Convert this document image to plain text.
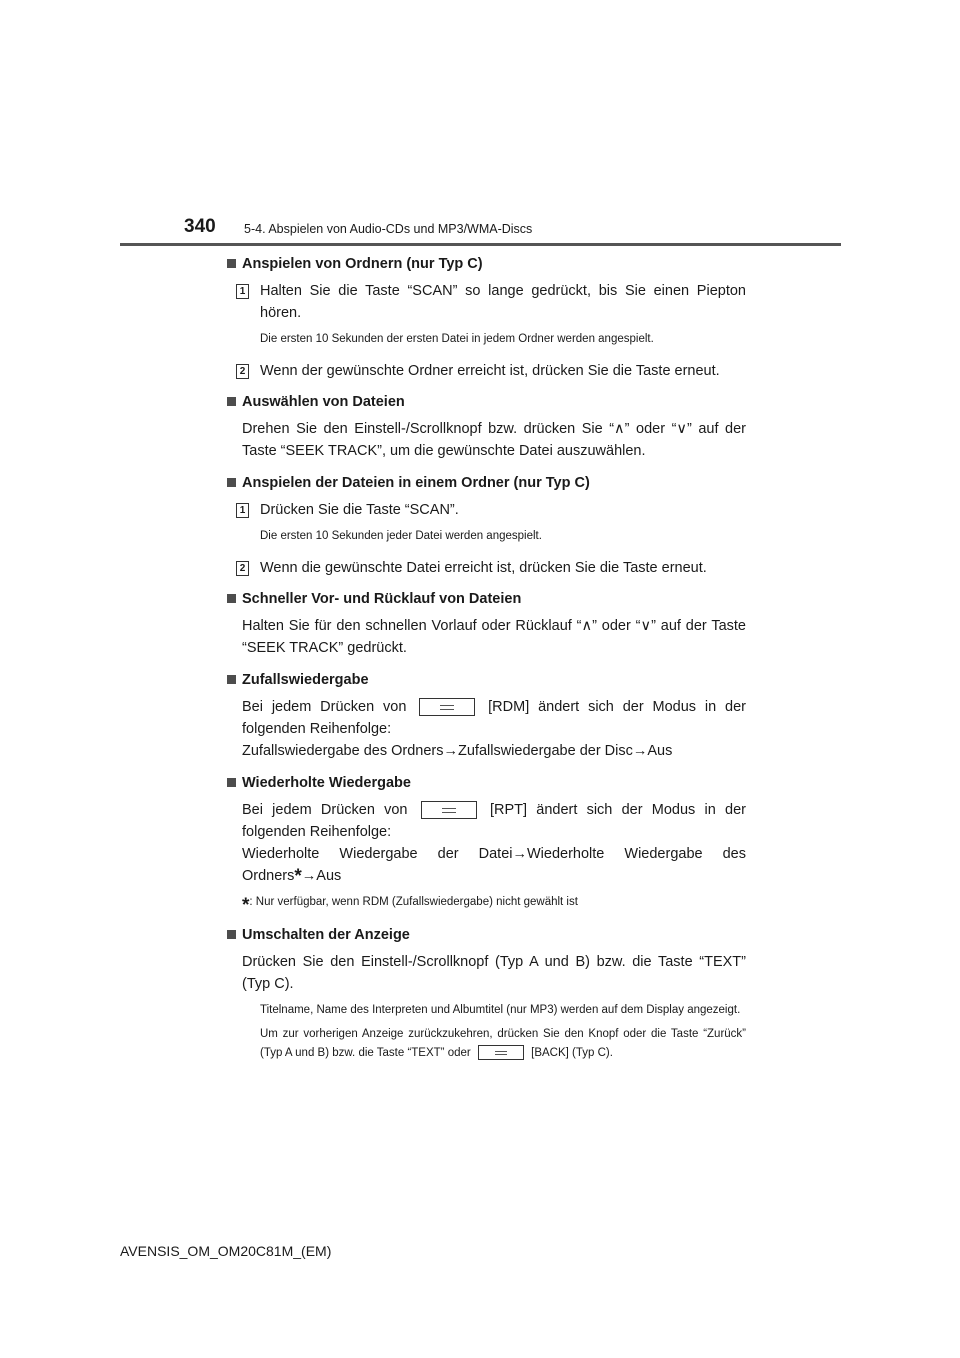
340 5-4. Abspielen von Audio-CDs und MP3/WMA-Discs
Anspielen von Ordnern (nur Typ C)
1 Halten Sie die Taste “SCAN” so lange gedrückt, bis Sie einen Piepton hören.
Die ersten 10 Sekunden der ersten Datei in jedem Ordner werden angespielt.
2 Wenn der gewünschte Ordner erreicht ist, drücken Sie die Taste erneut.
Auswählen von Dateien
Drehen Sie den Einstell-/Scrollknopf bzw. drücken Sie “∧” oder “∨” auf der Taste “SEEK TRACK”, um die gewünschte Datei auszuwählen.
Anspielen der Dateien in einem Ordner (nur Typ C)
1 Drücken Sie die Taste “SCAN”.
Die ersten 10 Sekunden jeder Datei werden angespielt.
2 Wenn die gewünschte Datei erreicht ist, drücken Sie die Taste erneut.
Schneller Vor- und Rücklauf von Dateien
Halten Sie für den schnellen Vorlauf oder Rücklauf “∧” oder “∨” auf der Taste “SEEK TRACK” gedrückt.
Zufallswiedergabe
Bei jedem Drücken von	[RDM] ändert sich der Modus in der folgenden Reihenfolge:
Zufallswiedergabe des Ordners→Zufallswiedergabe der Disc→Aus
Wiederholte Wiedergabe
Bei jedem Drücken von	[RPT] ändert sich der Modus in der folgenden Reihenfolge:
Wiederholte Wiedergabe der Datei→Wiederholte Wiedergabe des Ordners*→Aus
*: Nur verfügbar, wenn RDM (Zufallswiedergabe) nicht gewählt ist
Umschalten der Anzeige
Drücken Sie den Einstell-/Scrollknopf (Typ A und B) bzw. die Taste “TEXT” (Typ C).
Titelname, Name des Interpreten und Albumtitel (nur MP3) werden auf dem Display angezeigt.
Um zur vorherigen Anzeige zurückzukehren, drücken Sie den Knopf oder die Taste “Zurück” (Typ A und B) bzw. die Taste “TEXT” oder	[BACK] (Typ C).
AVENSIS_OM_OM20C81M_(EM)
